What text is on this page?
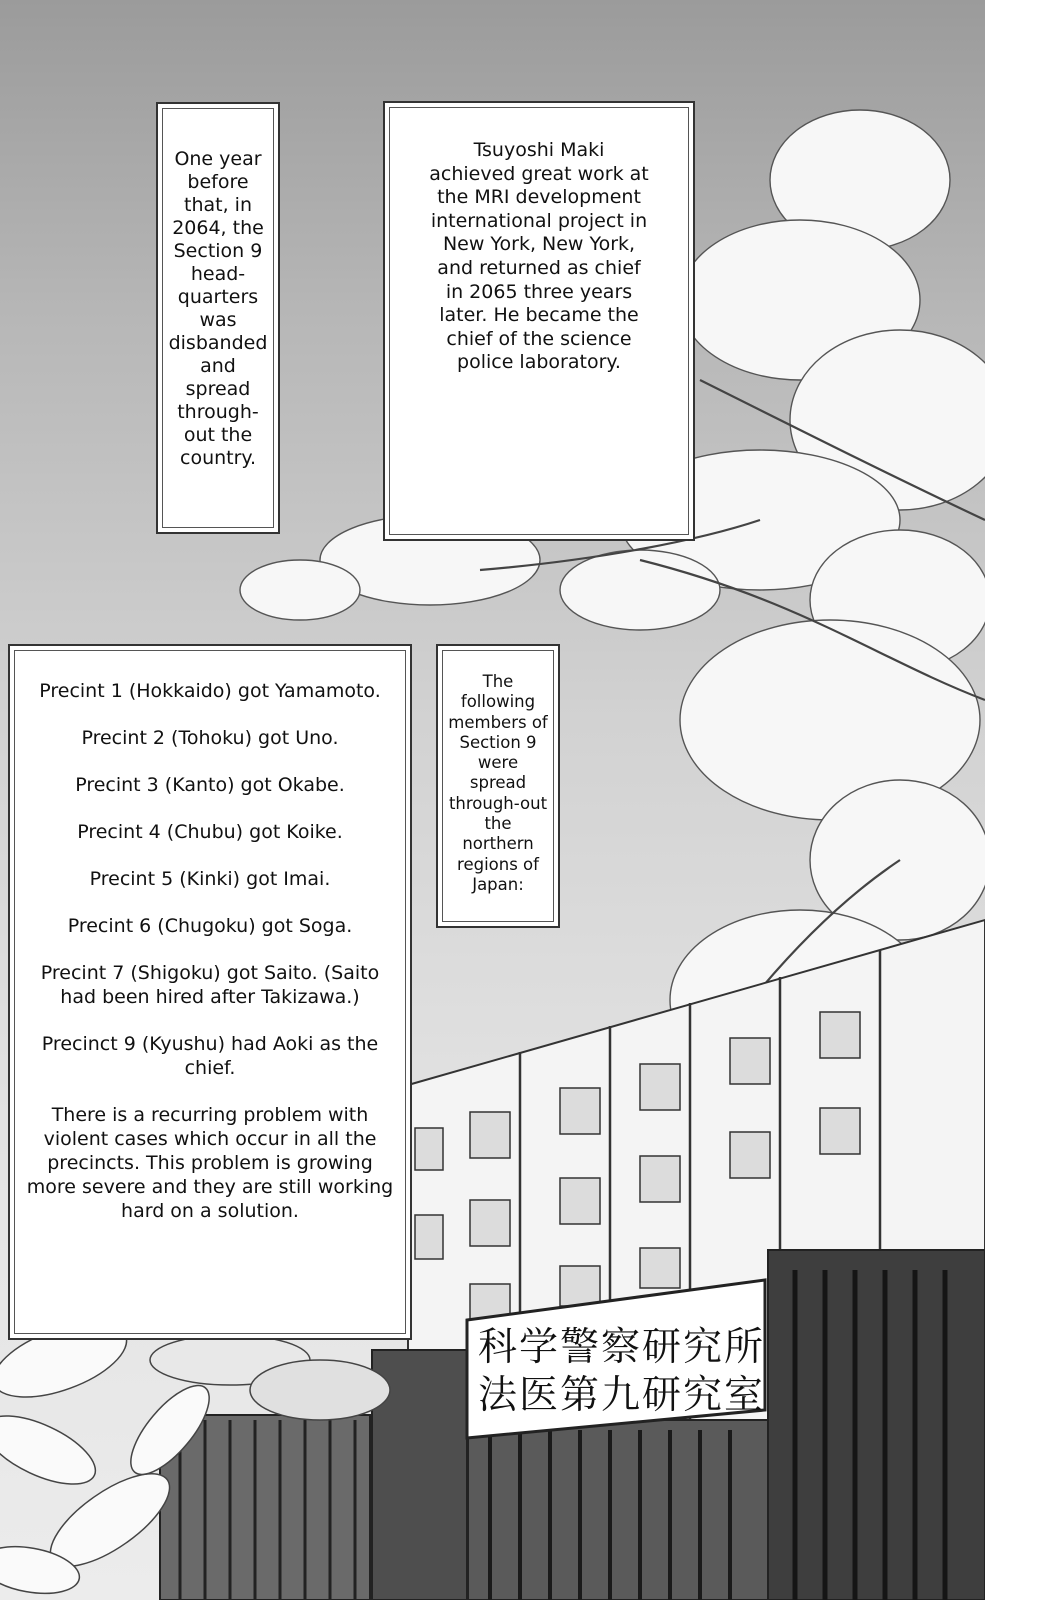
科学警察研究所
法医第九研究室

One year before that, in 2064, the Section 9 head-quarters was disbanded and spread through-out the country.

Tsuyoshi Maki achieved great work at the MRI development international project in New York, New York, and returned as chief in 2065 three years later. He became the chief of the science police laboratory.

Precint 1 (Hokkaido) got Yamamoto.

Precint 2 (Tohoku) got Uno.

Precint 3 (Kanto) got Okabe.

Precint 4 (Chubu) got Koike.

Precint 5 (Kinki) got Imai.

Precint 6 (Chugoku) got Soga.

Precint 7 (Shigoku) got Saito. (Saito had been hired after Takizawa.)

Precinct 9 (Kyushu) had Aoki as the chief.

There is a recurring problem with violent cases which occur in all the precincts. This problem is growing more severe and they are still working hard on a solution.

The following members of Section 9 were spread through-out the northern regions of Japan:
